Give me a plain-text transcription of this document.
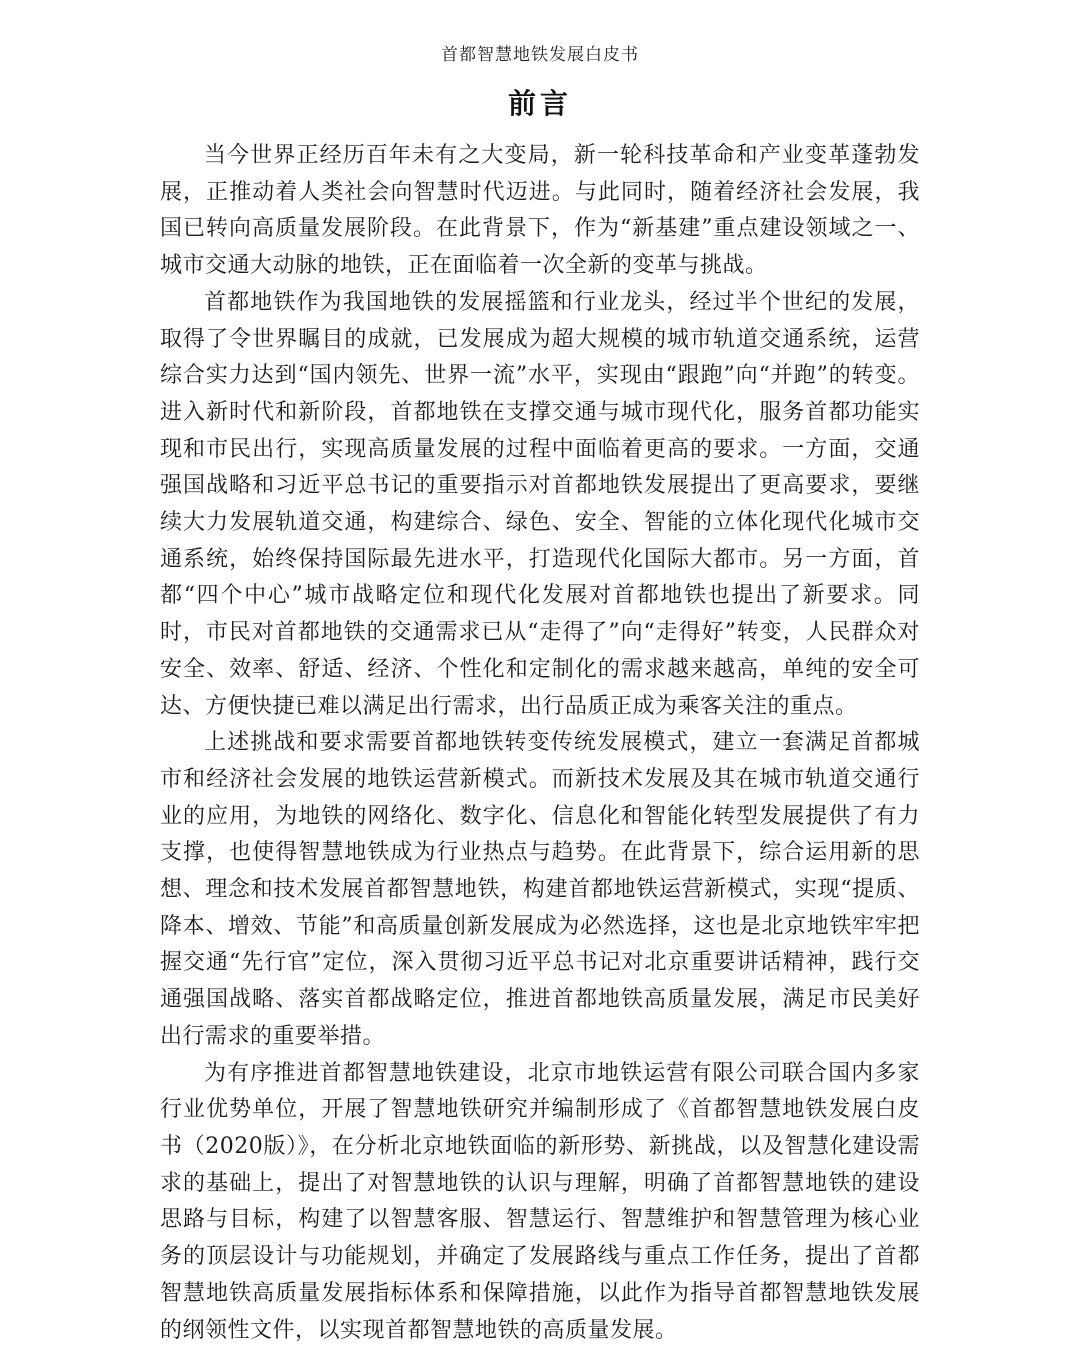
首都智慧地铁发展白皮书
前言

当今世界正经历百年未有之大变局，新一轮科技革命和产业变革蓬勃发展，正推动着人类社会向智慧时代迈进。与此同时，随着经济社会发展，我国已转向高质量发展阶段。在此背景下，作为“新基建”重点建设领域之一、城市交通大动脉的地铁，正在面临着一次全新的变革与挑战。

首都地铁作为我国地铁的发展摇篮和行业龙头，经过半个世纪的发展，取得了令世界瞩目的成就，已发展成为超大规模的城市轨道交通系统，运营综合实力达到“国内领先、世界一流”水平，实现由“跟跑”向“并跑”的转变。进入新时代和新阶段，首都地铁在支撑交通与城市现代化，服务首都功能实现和市民出行，实现高质量发展的过程中面临着更高的要求。一方面，交通强国战略和习近平总书记的重要指示对首都地铁发展提出了更高要求，要继续大力发展轨道交通，构建综合、绿色、安全、智能的立体化现代化城市交通系统，始终保持国际最先进水平，打造现代化国际大都市。另一方面，首都“四个中心”城市战略定位和现代化发展对首都地铁也提出了新要求。同时，市民对首都地铁的交通需求已从“走得了”向“走得好”转变，人民群众对安全、效率、舒适、经济、个性化和定制化的需求越来越高，单纯的安全可达、方便快捷已难以满足出行需求，出行品质正成为乘客关注的重点。

上述挑战和要求需要首都地铁转变传统发展模式，建立一套满足首都城市和经济社会发展的地铁运营新模式。而新技术发展及其在城市轨道交通行业的应用，为地铁的网络化、数字化、信息化和智能化转型发展提供了有力支撑，也使得智慧地铁成为行业热点与趋势。在此背景下，综合运用新的思想、理念和技术发展首都智慧地铁，构建首都地铁运营新模式，实现“提质、降本、增效、节能”和高质量创新发展成为必然选择，这也是北京地铁牢牢把握交通“先行官”定位，深入贯彻习近平总书记对北京重要讲话精神，践行交通强国战略、落实首都战略定位，推进首都地铁高质量发展，满足市民美好出行需求的重要举措。

为有序推进首都智慧地铁建设，北京市地铁运营有限公司联合国内多家行业优势单位，开展了智慧地铁研究并编制形成了《首都智慧地铁发展白皮书（2020版）》，在分析北京地铁面临的新形势、新挑战，以及智慧化建设需求的基础上，提出了对智慧地铁的认识与理解，明确了首都智慧地铁的建设思路与目标，构建了以智慧客服、智慧运行、智慧维护和智慧管理为核心业务的顶层设计与功能规划，并确定了发展路线与重点工作任务，提出了首都智慧地铁高质量发展指标体系和保障措施，以此作为指导首都智慧地铁发展的纲领性文件，以实现首都智慧地铁的高质量发展。
